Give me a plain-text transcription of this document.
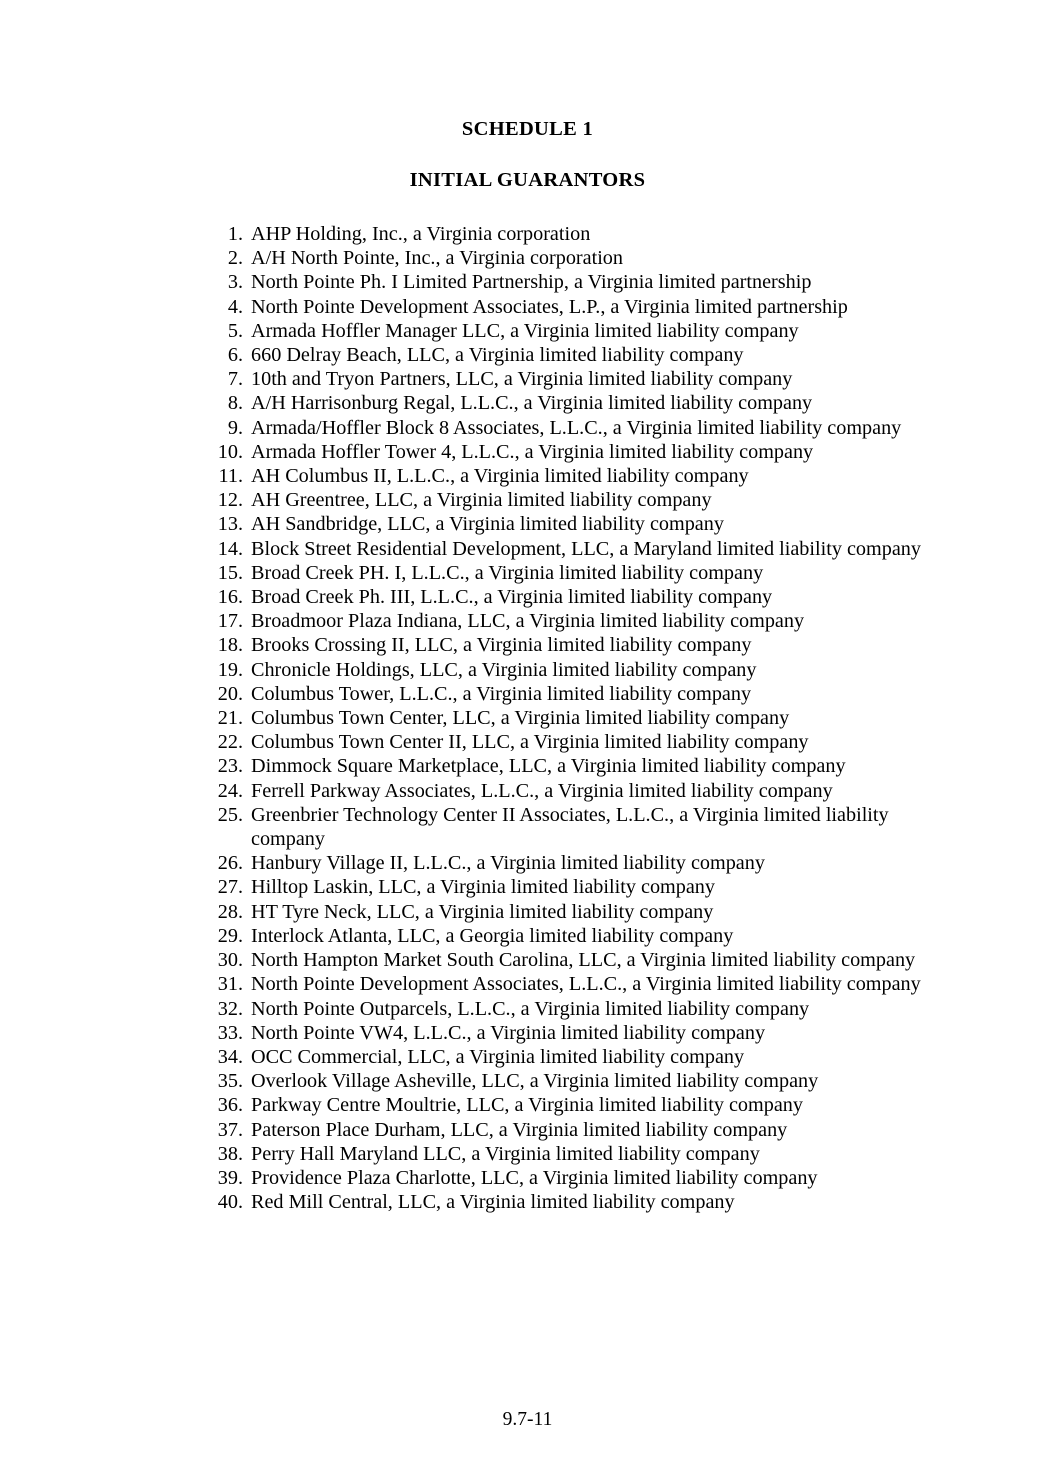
SCHEDULE 1
INITIAL GUARANTORS
1. AHP Holding, Inc., a Virginia corporation
2. A/H North Pointe, Inc., a Virginia corporation
3. North Pointe Ph. I Limited Partnership, a Virginia limited partnership
4. North Pointe Development Associates, L.P., a Virginia limited partnership
5. Armada Hoffler Manager LLC, a Virginia limited liability company
6. 660 Delray Beach, LLC, a Virginia limited liability company
7. 10th and Tryon Partners, LLC, a Virginia limited liability company
8. A/H Harrisonburg Regal, L.L.C., a Virginia limited liability company
9. Armada/Hoffler Block 8 Associates, L.L.C., a Virginia limited liability company
10. Armada Hoffler Tower 4, L.L.C., a Virginia limited liability company
11. AH Columbus II, L.L.C., a Virginia limited liability company
12. AH Greentree, LLC, a Virginia limited liability company
13. AH Sandbridge, LLC, a Virginia limited liability company
14. Block Street Residential Development, LLC, a Maryland limited liability company
15. Broad Creek PH. I, L.L.C., a Virginia limited liability company
16. Broad Creek Ph. III, L.L.C., a Virginia limited liability company
17. Broadmoor Plaza Indiana, LLC, a Virginia limited liability company
18. Brooks Crossing II, LLC, a Virginia limited liability company
19. Chronicle Holdings, LLC, a Virginia limited liability company
20. Columbus Tower, L.L.C., a Virginia limited liability company
21. Columbus Town Center, LLC, a Virginia limited liability company
22. Columbus Town Center II, LLC, a Virginia limited liability company
23. Dimmock Square Marketplace, LLC, a Virginia limited liability company
24. Ferrell Parkway Associates, L.L.C., a Virginia limited liability company
25. Greenbrier Technology Center II Associates, L.L.C., a Virginia limited liability company
26. Hanbury Village II, L.L.C., a Virginia limited liability company
27. Hilltop Laskin, LLC, a Virginia limited liability company
28. HT Tyre Neck, LLC, a Virginia limited liability company
29. Interlock Atlanta, LLC, a Georgia limited liability company
30. North Hampton Market South Carolina, LLC, a Virginia limited liability company
31. North Pointe Development Associates, L.L.C., a Virginia limited liability company
32. North Pointe Outparcels, L.L.C., a Virginia limited liability company
33. North Pointe VW4, L.L.C., a Virginia limited liability company
34. OCC Commercial, LLC, a Virginia limited liability company
35. Overlook Village Asheville, LLC, a Virginia limited liability company
36. Parkway Centre Moultrie, LLC, a Virginia limited liability company
37. Paterson Place Durham, LLC, a Virginia limited liability company
38. Perry Hall Maryland LLC, a Virginia limited liability company
39. Providence Plaza Charlotte, LLC, a Virginia limited liability company
40. Red Mill Central, LLC, a Virginia limited liability company
9.7-11
